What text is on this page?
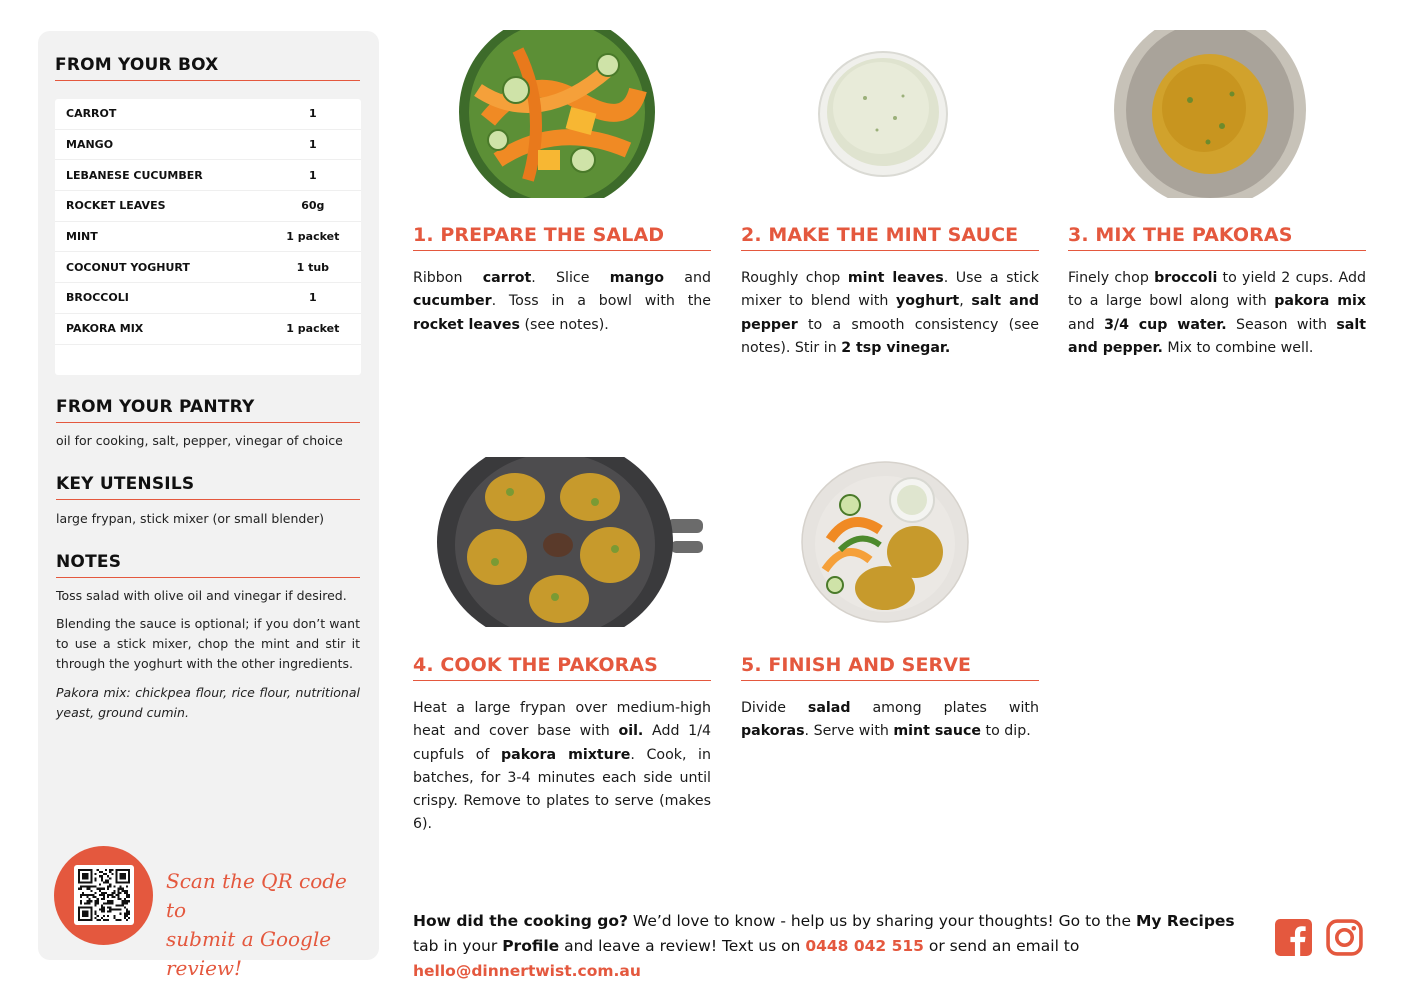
FROM YOUR BOX
CARROT	1
MANGO	1
LEBANESE CUCUMBER	1
ROCKET LEAVES	60g
MINT	1 packet
COCONUT YOGHURT	1 tub
BROCCOLI	1
PAKORA MIX	1 packet
FROM YOUR PANTRY
oil for cooking, salt, pepper, vinegar of choice
KEY UTENSILS
large frypan, stick mixer (or small blender)
NOTES
Toss salad with olive oil and vinegar if desired.
Blending the sauce is optional; if you don’t want to use a stick mixer, chop the mint and stir it through the yoghurt with the other ingredients.
Pakora mix: chickpea flour, rice flour, nutritional yeast, ground cumin.
Scan the QR code to
submit a Google review!
1. PREPARE THE SALAD
Ribbon carrot. Slice mango and cucumber. Toss in a bowl with the rocket leaves (see notes).
2. MAKE THE MINT SAUCE
Roughly chop mint leaves. Use a stick mixer to blend with yoghurt, salt and pepper to a smooth consistency (see notes). Stir in 2 tsp vinegar.
3. MIX THE PAKORAS
Finely chop broccoli to yield 2 cups. Add to a large bowl along with pakora mix and 3/4 cup water. Season with salt and pepper. Mix to combine well.
4. COOK THE PAKORAS
Heat a large frypan over medium-high heat and cover base with oil. Add 1/4 cupfuls of pakora mixture. Cook, in batches, for 3-4 minutes each side until crispy. Remove to plates to serve (makes 6).
5. FINISH AND SERVE
Divide salad among plates with pakoras. Serve with mint sauce to dip.
How did the cooking go? We’d love to know - help us by sharing your thoughts! Go to the My Recipes tab in your Profile and leave a review! Text us on 0448 042 515 or send an email to hello@dinnertwist.com.au
